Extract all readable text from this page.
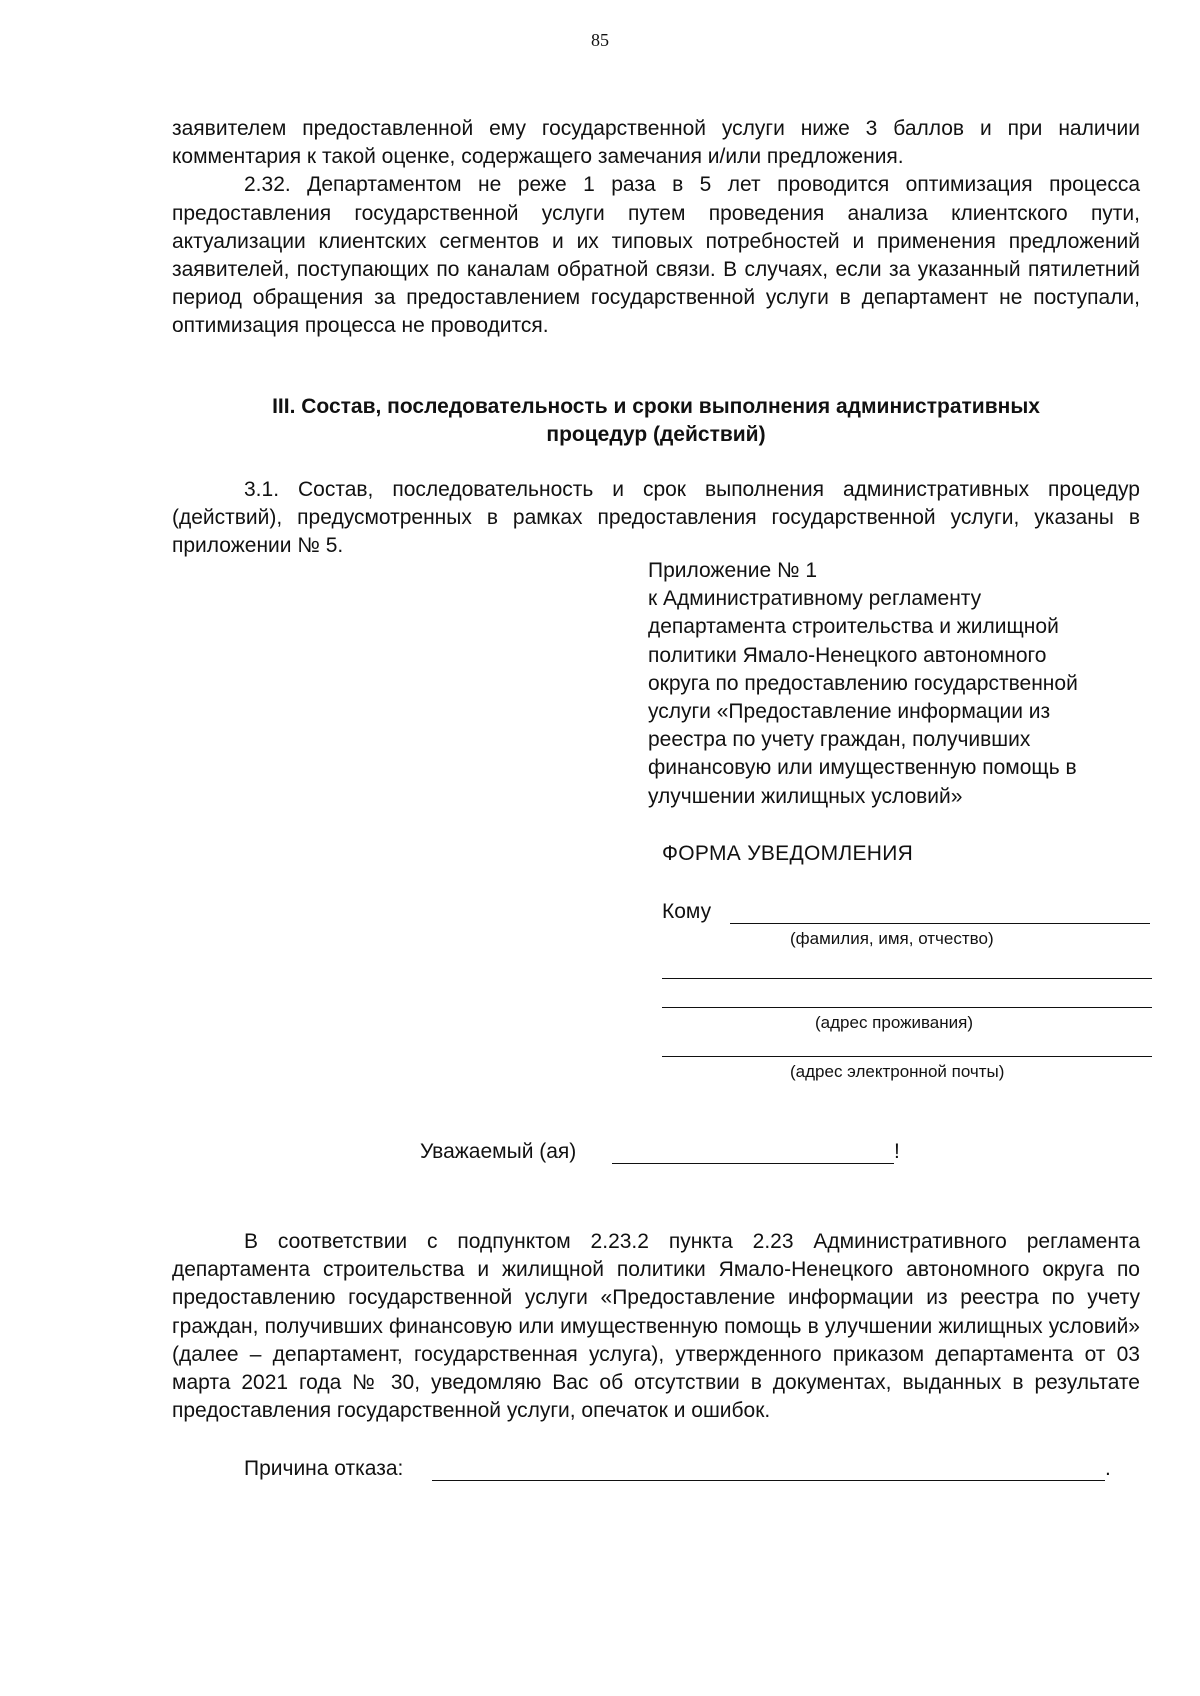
85

заявителем предоставленной ему государственной услуги ниже 3 баллов и при наличии комментария к такой оценке, содержащего замечания и/или предложения.

2.32. Департаментом не реже 1 раза в 5 лет проводится оптимизация процесса предоставления государственной услуги путем проведения анализа клиентского пути, актуализации клиентских сегментов и их типовых потребностей и применения предложений заявителей, поступающих по каналам обратной связи. В случаях, если за указанный пятилетний период обращения за предоставлением государственной услуги в департамент не поступали, оптимизация процесса не проводится.

III. Состав, последовательность и сроки выполнения административных
процедур (действий)

3.1. Состав, последовательность и срок выполнения административных процедур (действий), предусмотренных в рамках предоставления государственной услуги, указаны в приложении № 5.

Приложение № 1

к Административному регламенту

департамента строительства и жилищной

политики Ямало-Ненецкого автономного

округа по предоставлению государственной

услуги «Предоставление информации из

реестра по учету граждан, получивших

финансовую или имущественную помощь в

улучшении жилищных условий»

ФОРМА УВЕДОМЛЕНИЯ
Кому
(фамилия, имя, отчество)
(адрес проживания)
(адрес электронной почты)
Уважаемый (ая)	!

В соответствии с подпунктом 2.23.2 пункта 2.23 Административного регламента департамента строительства и жилищной политики Ямало-Ненецкого автономного округа по предоставлению государственной услуги «Предоставление информации из реестра по учету граждан, получивших финансовую или имущественную помощь в улучшении жилищных условий» (далее – департамент, государственная услуга), утвержденного приказом департамента от 03 марта 2021 года № 30, уведомляю Вас об отсутствии в документах, выданных в результате предоставления государственной услуги, опечаток и ошибок.

Причина отказа:	.
